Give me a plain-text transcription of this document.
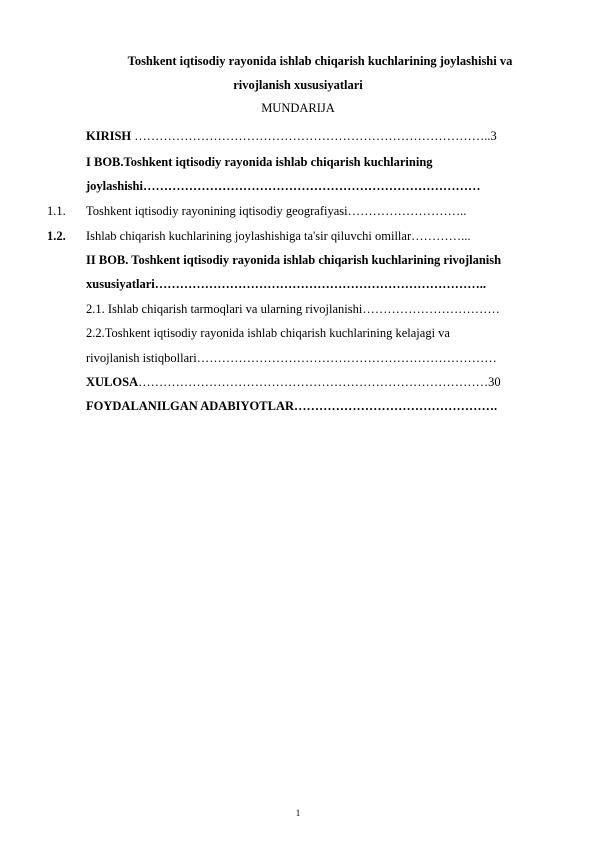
Toshkent iqtisodiy rayonida ishlab chiqarish kuchlarining joylashishi va
rivojlanish xususiyatlari
MUNDARIJA
KIRISH …………………………………………………………………………..3
I BOB.Toshkent iqtisodiy rayonida ishlab chiqarish kuchlarining
joylashishi………………………………………………………………………
1.1. Toshkent iqtisodiy rayonining iqtisodiy geografiyasi………………………..
1.2. Ishlab chiqarish kuchlarining joylashishiga ta'sir qiluvchi omillar…………...
II BOB. Toshkent iqtisodiy rayonida ishlab chiqarish kuchlarining rivojlanish
xususiyatlari……………………………………………………………………..
2.1. Ishlab chiqarish tarmoqlari va ularning rivojlanishi……………………………
2.2.Toshkent iqtisodiy rayonida ishlab chiqarish kuchlarining kelajagi va
rivojlanish istiqbollari………………………………………………………………
XULOSA…………………………………………………………………………30
FOYDALANILGAN ADABIYOTLAR………………………………………….
1
